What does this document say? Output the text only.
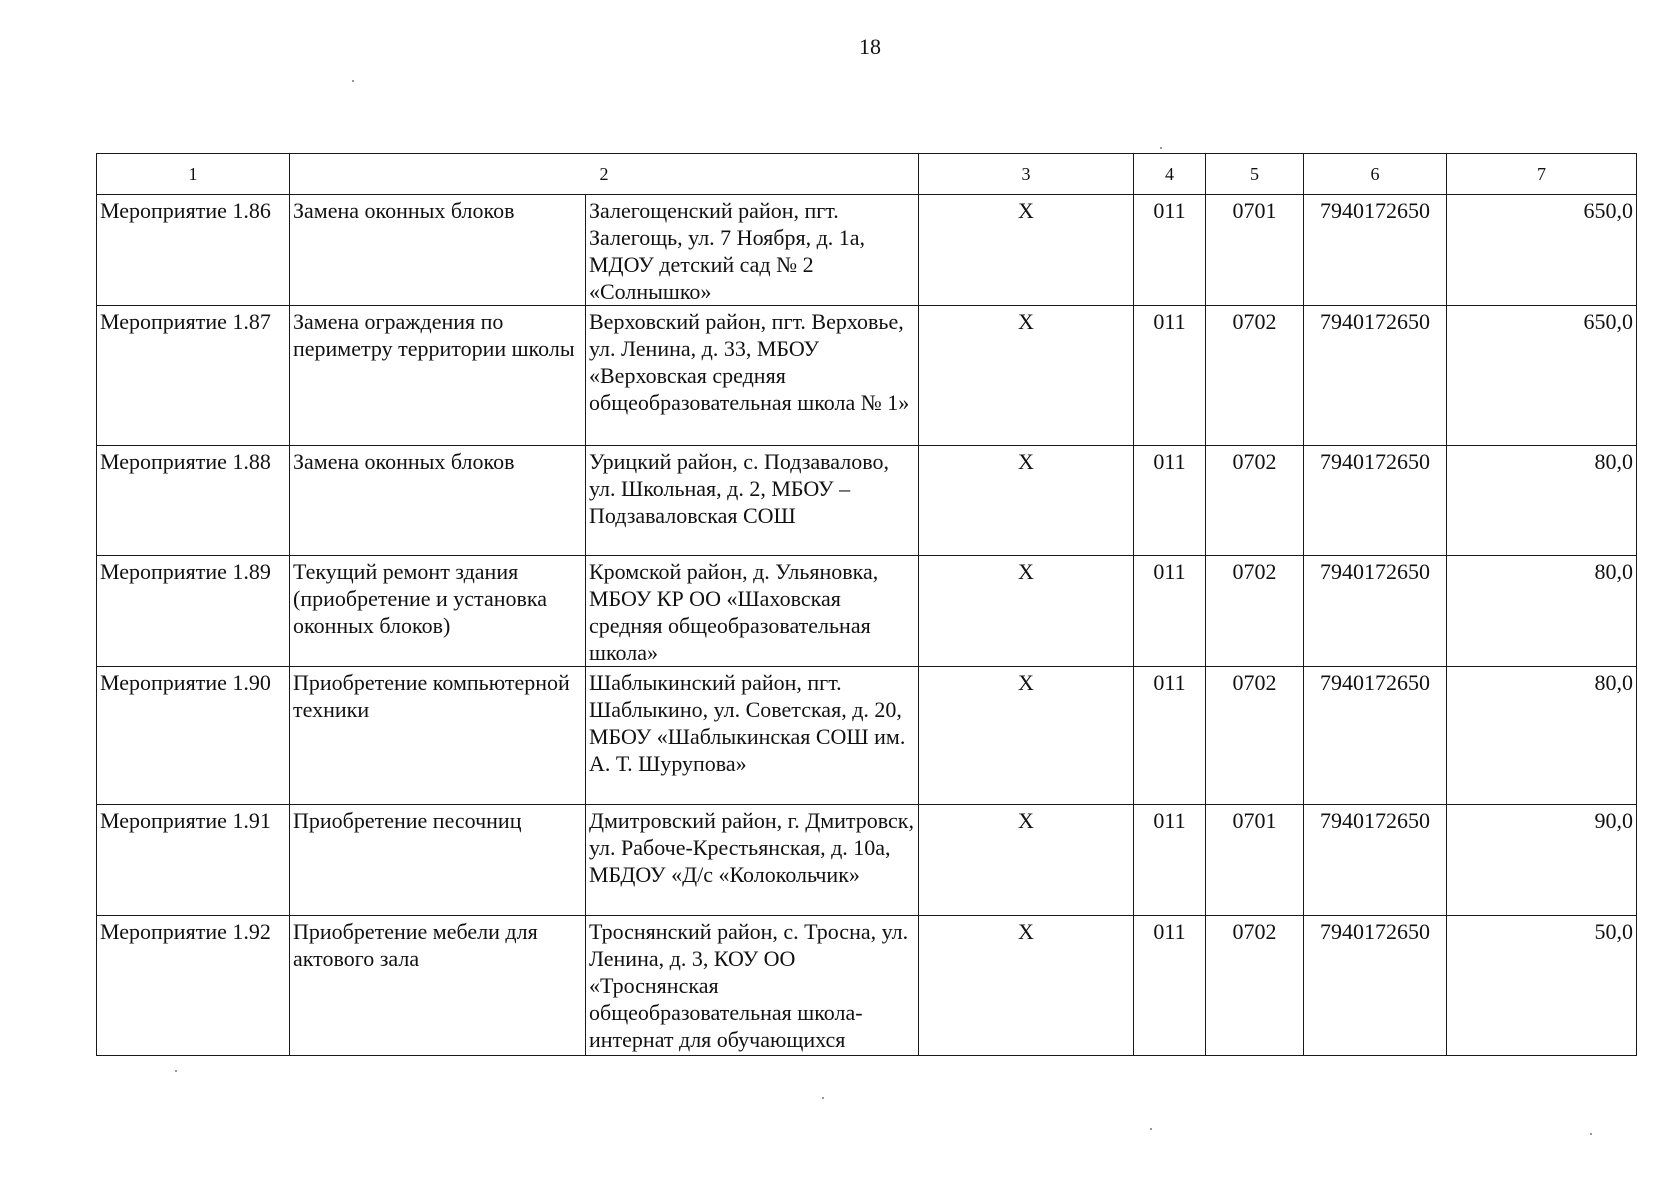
18
1	2		3	4	5	6	7
Мероприятие 1.86	Замена оконных блоков	Залегощенский район, пгт. Залегощь, ул. 7 Ноября, д. 1а, МДОУ детский сад № 2 «Солнышко»	Х	011	0701	7940172650	650,0
Мероприятие 1.87	Замена ограждения по периметру территории школы	Верховский район, пгт. Верховье, ул. Ленина, д. 33, МБОУ «Верховская средняя общеобразовательная школа № 1»	Х	011	0702	7940172650	650,0
Мероприятие 1.88	Замена оконных блоков	Урицкий район, с. Подзавалово, ул. Школьная, д. 2, МБОУ – Подзаваловская СОШ	Х	011	0702	7940172650	80,0
Мероприятие 1.89	Текущий ремонт здания (приобретение и установка оконных блоков)	Кромской район, д. Ульяновка, МБОУ КР ОО «Шаховская средняя общеобразовательная школа»	Х	011	0702	7940172650	80,0
Мероприятие 1.90	Приобретение компьютерной техники	Шаблыкинский район, пгт. Шаблыкино, ул. Советская, д. 20, МБОУ «Шаблыкинская СОШ им. А. Т. Шурупова»	Х	011	0702	7940172650	80,0
Мероприятие 1.91	Приобретение песочниц	Дмитровский район, г. Дмитровск, ул. Рабоче-Крестьянская, д. 10а, МБДОУ «Д/с «Колокольчик»	Х	011	0701	7940172650	90,0
Мероприятие 1.92	Приобретение мебели для актового зала	Троснянский район, с. Тросна, ул. Ленина, д. 3, КОУ ОО «Троснянская общеобразовательная школа-интернат для обучающихся	Х	011	0702	7940172650	50,0
